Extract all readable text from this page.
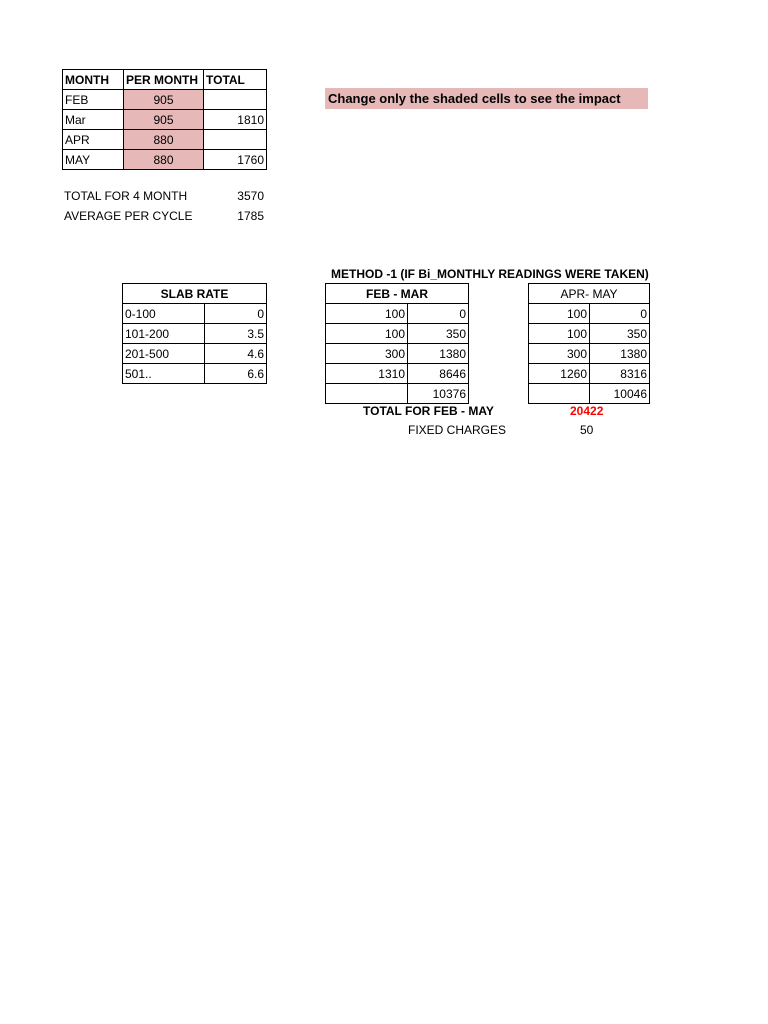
MONTH	PER MONTH	TOTAL
FEB	905	
Mar	905	1810
APR	880	
MAY	880	1760
Change only the shaded cells to see the impact
TOTAL FOR 4 MONTH	3570
AVERAGE PER CYCLE	1785
METHOD -1 (IF Bi_MONTHLY READINGS WERE TAKEN)
SLAB RATE	
0-100	0
101-200	3.5
201-500	4.6
501..	6.6
FEB - MAR	
100	0
100	350
300	1380
1310	8646
	10376
APR- MAY	
100	0
100	350
300	1380
1260	8316
	10046
TOTAL FOR FEB - MAY	20422
FIXED CHARGES	50
